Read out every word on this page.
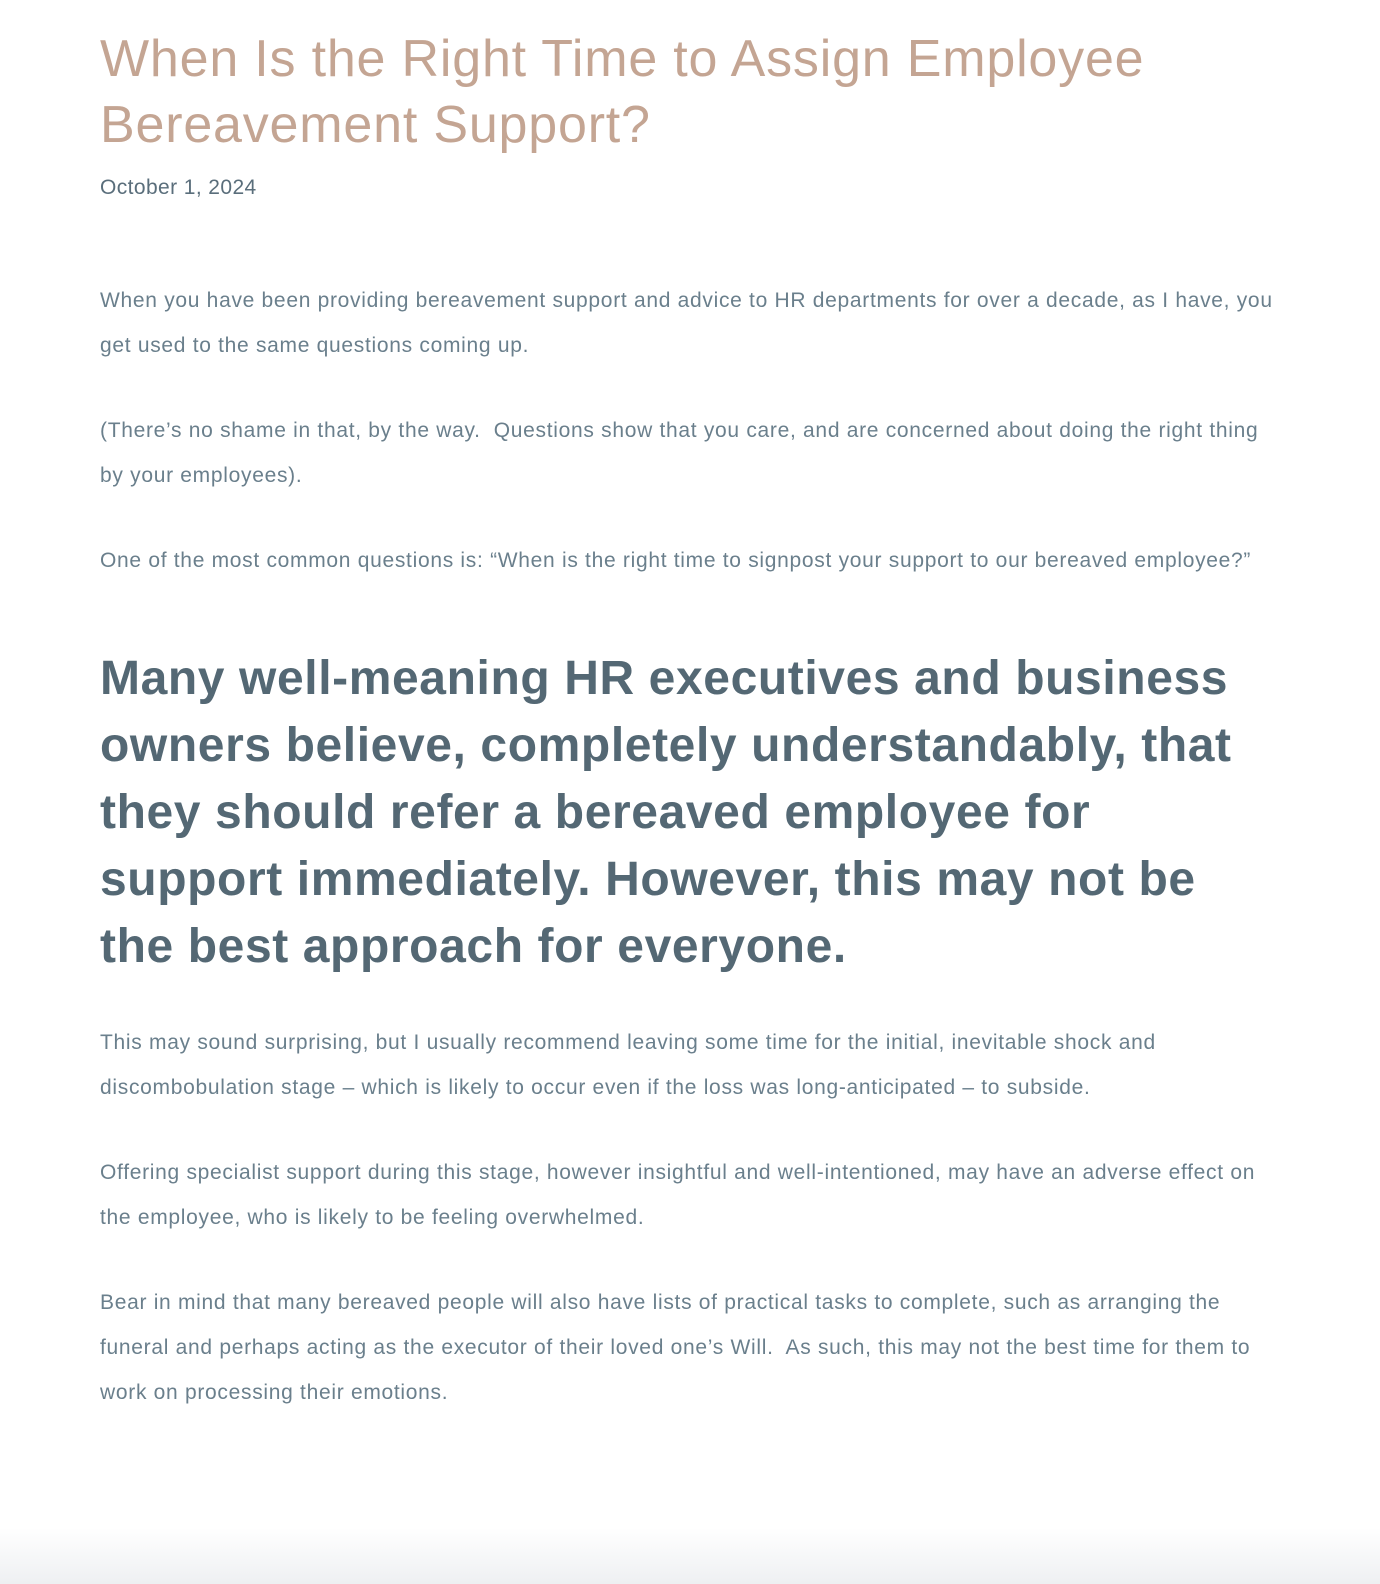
When Is the Right Time to Assign Employee Bereavement Support?
October 1, 2024

When you have been providing bereavement support and advice to HR departments for over a decade, as I have, you get used to the same questions coming up.

(There’s no shame in that, by the way.  Questions show that you care, and are concerned about doing the right thing by your employees).

One of the most common questions is: “When is the right time to signpost your support to our bereaved employee?”

Many well-meaning HR executives and business owners believe, completely understandably, that they should refer a bereaved employee for support immediately. However, this may not be the best approach for everyone.

This may sound surprising, but I usually recommend leaving some time for the initial, inevitable shock and discombobulation stage – which is likely to occur even if the loss was long-anticipated – to subside.

Offering specialist support during this stage, however insightful and well-intentioned, may have an adverse effect on the employee, who is likely to be feeling overwhelmed.

Bear in mind that many bereaved people will also have lists of practical tasks to complete, such as arranging the funeral and perhaps acting as the executor of their loved one’s Will.  As such, this may not the best time for them to work on processing their emotions.
